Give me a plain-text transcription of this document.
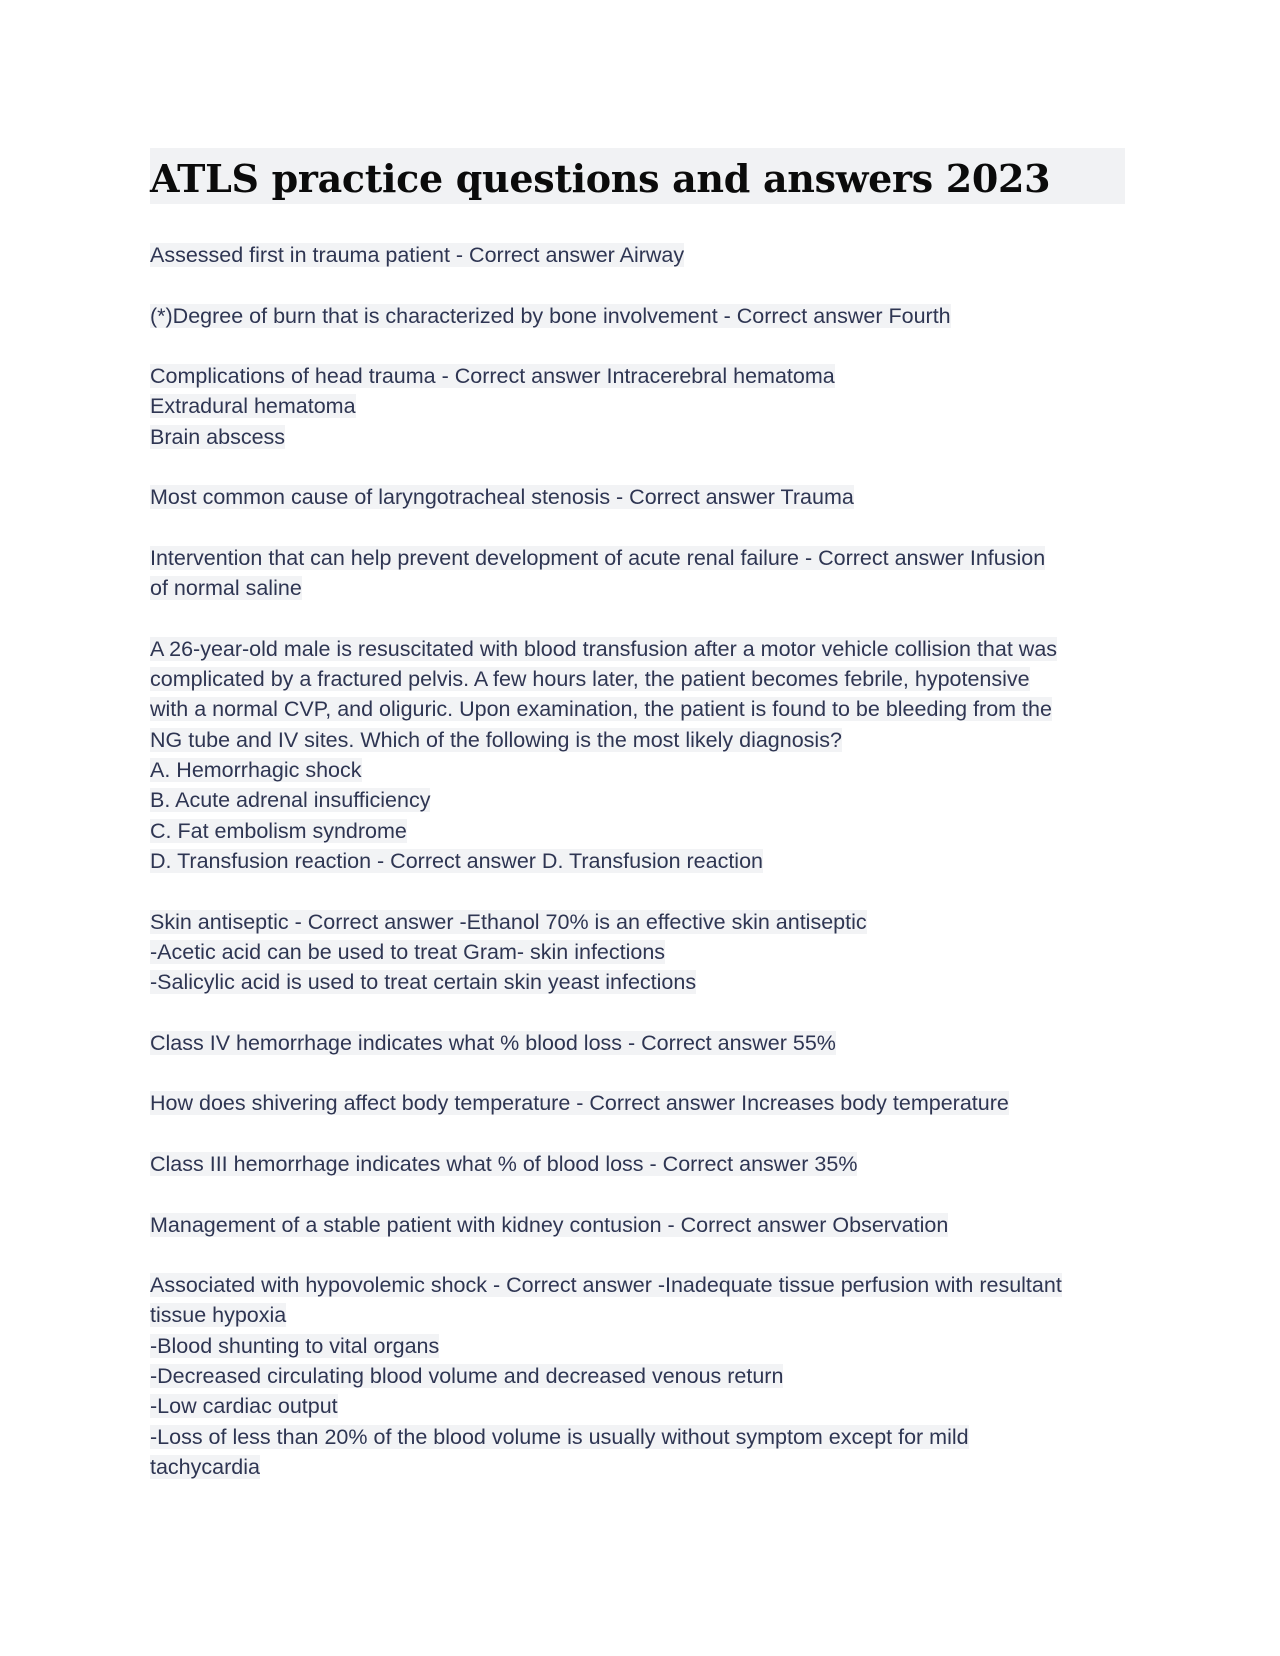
ATLS practice questions and answers 2023
Assessed first in trauma patient - Correct answer Airway
(*)Degree of burn that is characterized by bone involvement - Correct answer Fourth
Complications of head trauma - Correct answer Intracerebral hematoma
Extradural hematoma
Brain abscess
Most common cause of laryngotracheal stenosis - Correct answer Trauma
Intervention that can help prevent development of acute renal failure - Correct answer Infusion
of normal saline
A 26-year-old male is resuscitated with blood transfusion after a motor vehicle collision that was
complicated by a fractured pelvis. A few hours later, the patient becomes febrile, hypotensive
with a normal CVP, and oliguric. Upon examination, the patient is found to be bleeding from the
NG tube and IV sites. Which of the following is the most likely diagnosis?
A. Hemorrhagic shock
B. Acute adrenal insufficiency
C. Fat embolism syndrome
D. Transfusion reaction - Correct answer D. Transfusion reaction
Skin antiseptic - Correct answer -Ethanol 70% is an effective skin antiseptic
-Acetic acid can be used to treat Gram- skin infections
-Salicylic acid is used to treat certain skin yeast infections
Class IV hemorrhage indicates what % blood loss - Correct answer 55%
How does shivering affect body temperature - Correct answer Increases body temperature
Class III hemorrhage indicates what % of blood loss - Correct answer 35%
Management of a stable patient with kidney contusion - Correct answer Observation
Associated with hypovolemic shock - Correct answer -Inadequate tissue perfusion with resultant
tissue hypoxia
-Blood shunting to vital organs
-Decreased circulating blood volume and decreased venous return
-Low cardiac output
-Loss of less than 20% of the blood volume is usually without symptom except for mild
tachycardia
